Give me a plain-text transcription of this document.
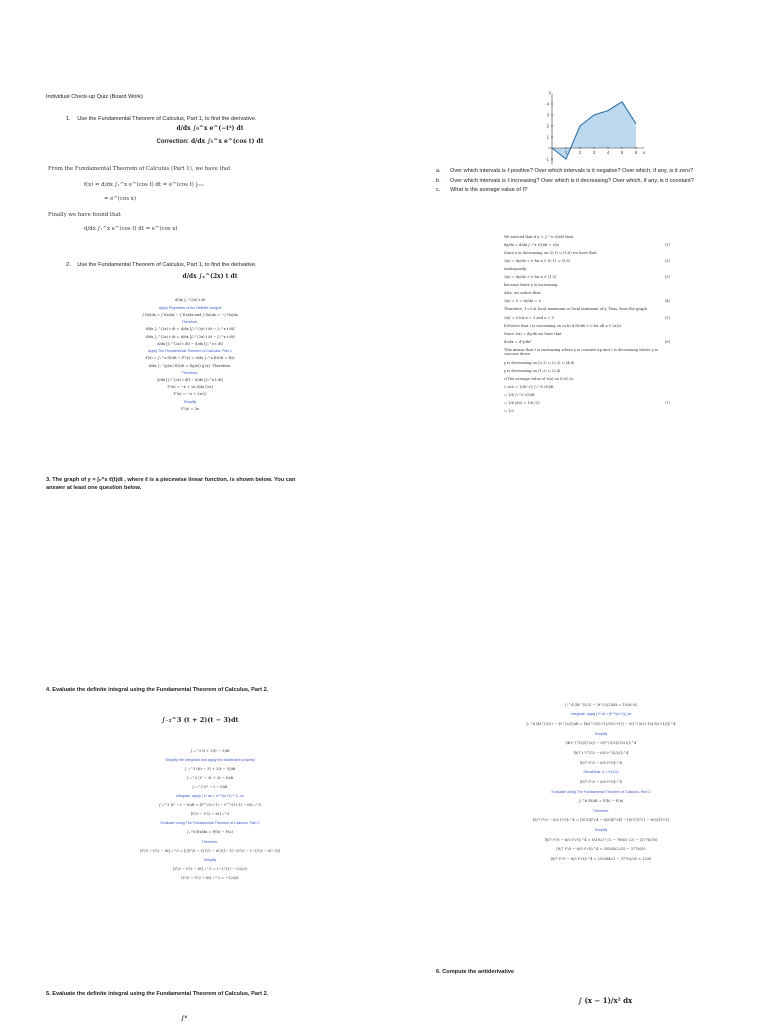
Individual Check-up Quiz (Board Work)
1. Use the Fundamental Theorem of Calculus, Part 1, to find the derivative.
d/dx ∫₀^x e^(−t²) dt
Correction: d/dx ∫₁^x e^(cos t) dt
From the Fundamental Theorem of Calculus (Part 1), we have that
f(x) = d/dx ∫₁^x e^(cos t) dt = e^(cos t) |ₜ₌ₓ
= e^(cos x)
Finally we have found that
d/dx ∫₁^x e^(cos t) dt = e^(cos x)
2. Use the Fundamental Theorem of Calculus, Part 1, to find the derivative.
d/dx ∫ₓ^(2x) t dt
d/dx ∫ₓ^(2x) t dt
Apply Properties of the Definite Integral
∫ f(x)dx = ∫ f(x)dx − ∫ f(x)dx and ∫ f(x)dx = −∫ f(x)dx
Therefore,
d/dx ∫ₓ^(2x) t dt = d/dx [∫₀^(2x) t dt − ∫₀^x t dt]
d/dx ∫ₓ^(2x) t dt = d/dx [∫₀^(2x) t dt − ∫₀^x t dt]
d/dx [∫₀^(2x) t dt] − d/dx [∫₀^x t dt]
Apply The Fundamental Theorem of Calculus, Part 1
F(x) = ∫ₐ^x f(t)dt → F′(x) = d/dx ∫ₐ^x f(t)dt = f(x)
d/dx ∫ₐ^(g(x)) f(t)dt = f(g(x))·g′(x). Therefore,
Therefore,
d/dx [∫₀^(2x) t dt] − d/dx [∫₀^x t dt]
F′(x) = −x + 2x d/dx [2x]
F′(x) = −x + 2x(2)
Simplify
F′(x) = 3x
3. The graph of y = ∫₀^x ℓ(t)dt , where ℓ is a piecewise linear function, is shown below. You can answer at least one question below.
1	2	3	4	5	6
4
3
2
1
-1
x
y
a.	Over which intervals is ℓ positive? Over which intervals is it negative? Over which, if any, is it zero?
b.	Over which intervals is ℓ increasing? Over which is it decreasing? Over which, if any, is it constant?
c.	What is the average value of ℓ?
We noticed that if y = ∫₀^x ℓ(t)dt then
dy/dx = d/dx ∫₀^x ℓ(t)dt = ℓ(x)	(1)
Since y is decreasing on (0,1) ∪ (5,6) we have that:
ℓ(x) = dy/dx < 0 for x ∈ (0,1) ∪ (5,6)	(2)
Analogously,
ℓ(x) = dy/dx > 0 for x ∈ (1,5)	(3)
because there y is increasing.
Also, we notice that:
ℓ(x) = 0 = dy/dx = 0	(4)
Therefore, 1=0 at local maximum or local minimum of y. Thus, from the graph
ℓ(x) = 0 for x = 1 and x = 5	(5)
b)Notice that ℓ is increasing on (a,b) if dℓ/dx > 0 for all x ∈ (a,b).
Since ℓ(x) = dy/dx we have that
dℓ/dx = d²y/dx²	(6)
This means that ℓ is increasing where y is concave up and ℓ is decreasing where y is concave down.
y is decreasing on (0,1) ∪ (2,3) ∪ (4,6)
y is decreasing on (1,2) ∪ (3,4)
c)The average value of ℓ(x) on (0,6) is:
ℓ_ave = 1/(6−0) ∫₀^6 ℓ(t)dt
= 1/6 ∫₀^6 ℓ(t)dt
= 1/6 y(6) = 1/6 (2)	(7)
= 1/3
4. Evaluate the definite integral using the Fundamental Theorem of Calculus, Part 2.
∫₋₂^3 (t + 2)(t − 3)dt
∫₋₂^3 (t + 2)(t − 3)dt
Simplify the integrand and apply the distributive property
∫₋₂^3 (t(t − 3) + 2(t − 3))dt
∫₋₂^3 (t² − 3t + 2t − 6)dt
∫₋₂^3 (t² − t − 6)dt
Integrate, apply ∫ xⁿ dx = xⁿ⁺¹/(n+1) + C, so
∫₋₂^3 (t² − t − 6)dt = [t²⁺¹/(2+1) − t¹⁺¹/(1+1) − 6t]₋₂^3
[t³/3 − t²/2 − 6t]₋₂^3
Evaluate Using The Fundamental Theorem of Calculus, Part 2
∫ₐ^b f(x)dx = F(b) − F(a)
Therefore,
[t³/3 − t²/2 − 6t]₋₂^3 = [(3)³/3 − (3)²/2 − 6(3)] − [(−2)³/3 − (−2)²/2 − 6(−2)]
Simplify
[t³/3 − t²/2 − 6t]₋₂^3 = (−27/2) − (22/3)
[t³/3 − t²/2 − 6t]₋₂^3 = −125/6
5. Evaluate the definite integral using the Fundamental Theorem of Calculus, Part 2.
∫⁴
∫₁^4 (4t^(5/2) − 3t^(3/2))dt = 1026.92
Integrate, apply ∫ tⁿ dt = [tⁿ⁺¹/(n+1)], so
∫₁^4 (4t^(5/2) − 3t^(3/2))dt = [4(t^(5/2+1)/(5/2+1)) − 3(t^(3/2+1)/(3/2+1))]₁^4
Simplify
[4(t^(7/2)/(7/2)) − 3(t^(5/2)/(5/2))]₁^4
[8/7 t^(7/2) − 6/5 t^(5/2)]₁^4
[8/7 t³√t − 6/5 t²√t]₁^4
Recall that √t = t^(1/2)
[8/7 t³√t − 6/5 t²√t]₁^4
Evaluate Using The Fundamental Theorem of Calculus, Part 2
∫ₐ^b f(t)dt = F(b) − F(a)
Therefore,
[8/7 t³√t − 6/5 t²√t]₁^4 = [8/7(4)³√4 − 6/5(4)²√4] − [8/7(1)³√1 − 6/5(1)²√1]
Simplify
[8/7 t³√t − 6/5 t²√t]₁^4 = (8192/7 √2 − 768/5 √2) − (3776/35)
[8/7 t³√t − 6/5 t²√t]₁^4 = 35584√2/35 − 3776/35
[8/7 t³√t − 6/5 t²√t]₁^4 = (35584√2 − 3776)/35 ≈ 1330
6. Compute the antiderivative
∫ (x − 1)/x² dx
